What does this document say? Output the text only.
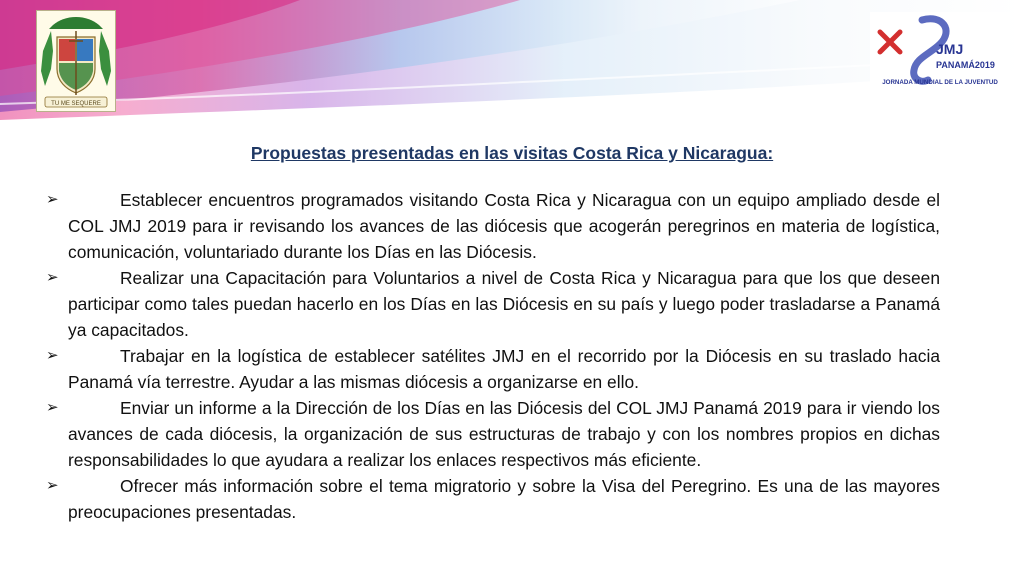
TU ME SEQUERE
JMJ
PANAMÁ2019
JORNADA MUNDIAL DE LA JUVENTUD
Propuestas presentadas en las visitas Costa Rica y Nicaragua:
➢	Establecer encuentros programados visitando Costa Rica y Nicaragua con un equipo ampliado desde el COL JMJ 2019 para ir revisando los avances de las diócesis que acogerán peregrinos en materia de logística, comunicación, voluntariado durante los Días en las Diócesis.
➢	Realizar una Capacitación para Voluntarios a nivel de Costa Rica y Nicaragua para que los que deseen participar como tales puedan hacerlo en los Días en las Diócesis en su país y luego poder trasladarse a Panamá ya capacitados.
➢	Trabajar en la logística de establecer satélites JMJ en el recorrido por la Diócesis en su traslado hacia Panamá vía terrestre. Ayudar a las mismas diócesis a organizarse en ello.
➢	Enviar un informe a la Dirección de los Días en las Diócesis del COL JMJ Panamá 2019 para ir viendo los avances de cada diócesis, la organización de sus estructuras de trabajo y con los nombres propios en dichas responsabilidades lo que ayudara a realizar los enlaces respectivos más eficiente.
➢	Ofrecer más información sobre el tema migratorio y sobre la Visa del Peregrino. Es una de las mayores preocupaciones presentadas.
